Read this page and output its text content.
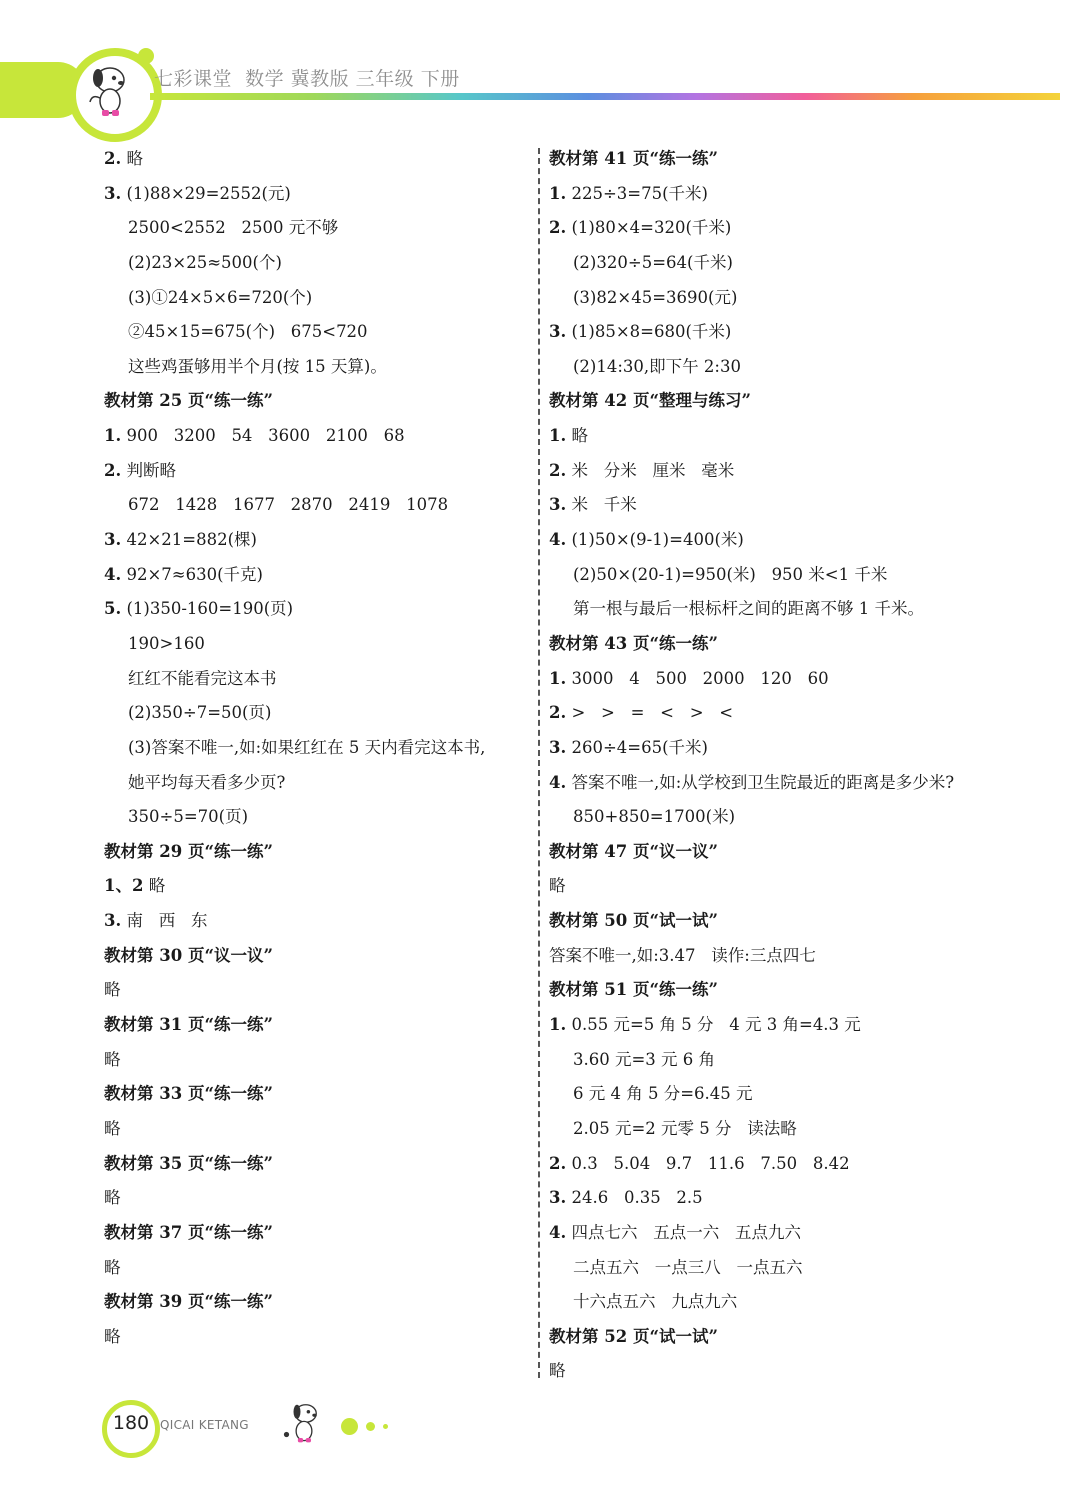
七彩课堂  数学 冀教版 三年级 下册
2. 略
3. (1)88×29=2552(元)
2500<2552   2500 元不够
(2)23×25≈500(个)
(3)①24×5×6=720(个)
②45×15=675(个)   675<720
这些鸡蛋够用半个月(按 15 天算)。
教材第 25 页“练一练”
1. 900   3200   54   3600   2100   68
2. 判断略
672   1428   1677   2870   2419   1078
3. 42×21=882(棵)
4. 92×7≈630(千克)
5. (1)350-160=190(页)
190>160
红红不能看完这本书
(2)350÷7=50(页)
(3)答案不唯一,如:如果红红在 5 天内看完这本书,
她平均每天看多少页?
350÷5=70(页)
教材第 29 页“练一练”
1、2 略
3. 南   西   东
教材第 30 页“议一议”
略
教材第 31 页“练一练”
略
教材第 33 页“练一练”
略
教材第 35 页“练一练”
略
教材第 37 页“练一练”
略
教材第 39 页“练一练”
略
教材第 41 页“练一练”
1. 225÷3=75(千米)
2. (1)80×4=320(千米)
(2)320÷5=64(千米)
(3)82×45=3690(元)
3. (1)85×8=680(千米)
(2)14:30,即下午 2:30
教材第 42 页“整理与练习”
1. 略
2. 米   分米   厘米   毫米
3. 米   千米
4. (1)50×(9-1)=400(米)
(2)50×(20-1)=950(米)   950 米<1 千米
第一根与最后一根标杆之间的距离不够 1 千米。
教材第 43 页“练一练”
1. 3000   4   500   2000   120   60
2. >   >   =   <   >   <
3. 260÷4=65(千米)
4. 答案不唯一,如:从学校到卫生院最近的距离是多少米?
850+850=1700(米)
教材第 47 页“议一议”
略
教材第 50 页“试一试”
答案不唯一,如:3.47   读作:三点四七
教材第 51 页“练一练”
1. 0.55 元=5 角 5 分   4 元 3 角=4.3 元
3.60 元=3 元 6 角
6 元 4 角 5 分=6.45 元
2.05 元=2 元零 5 分   读法略
2. 0.3   5.04   9.7   11.6   7.50   8.42
3. 24.6   0.35   2.5
4. 四点七六   五点一六   五点九六
二点五六   一点三八   一点五六
十六点五六   九点九六
教材第 52 页“试一试”
略
180 QICAI KETANG
